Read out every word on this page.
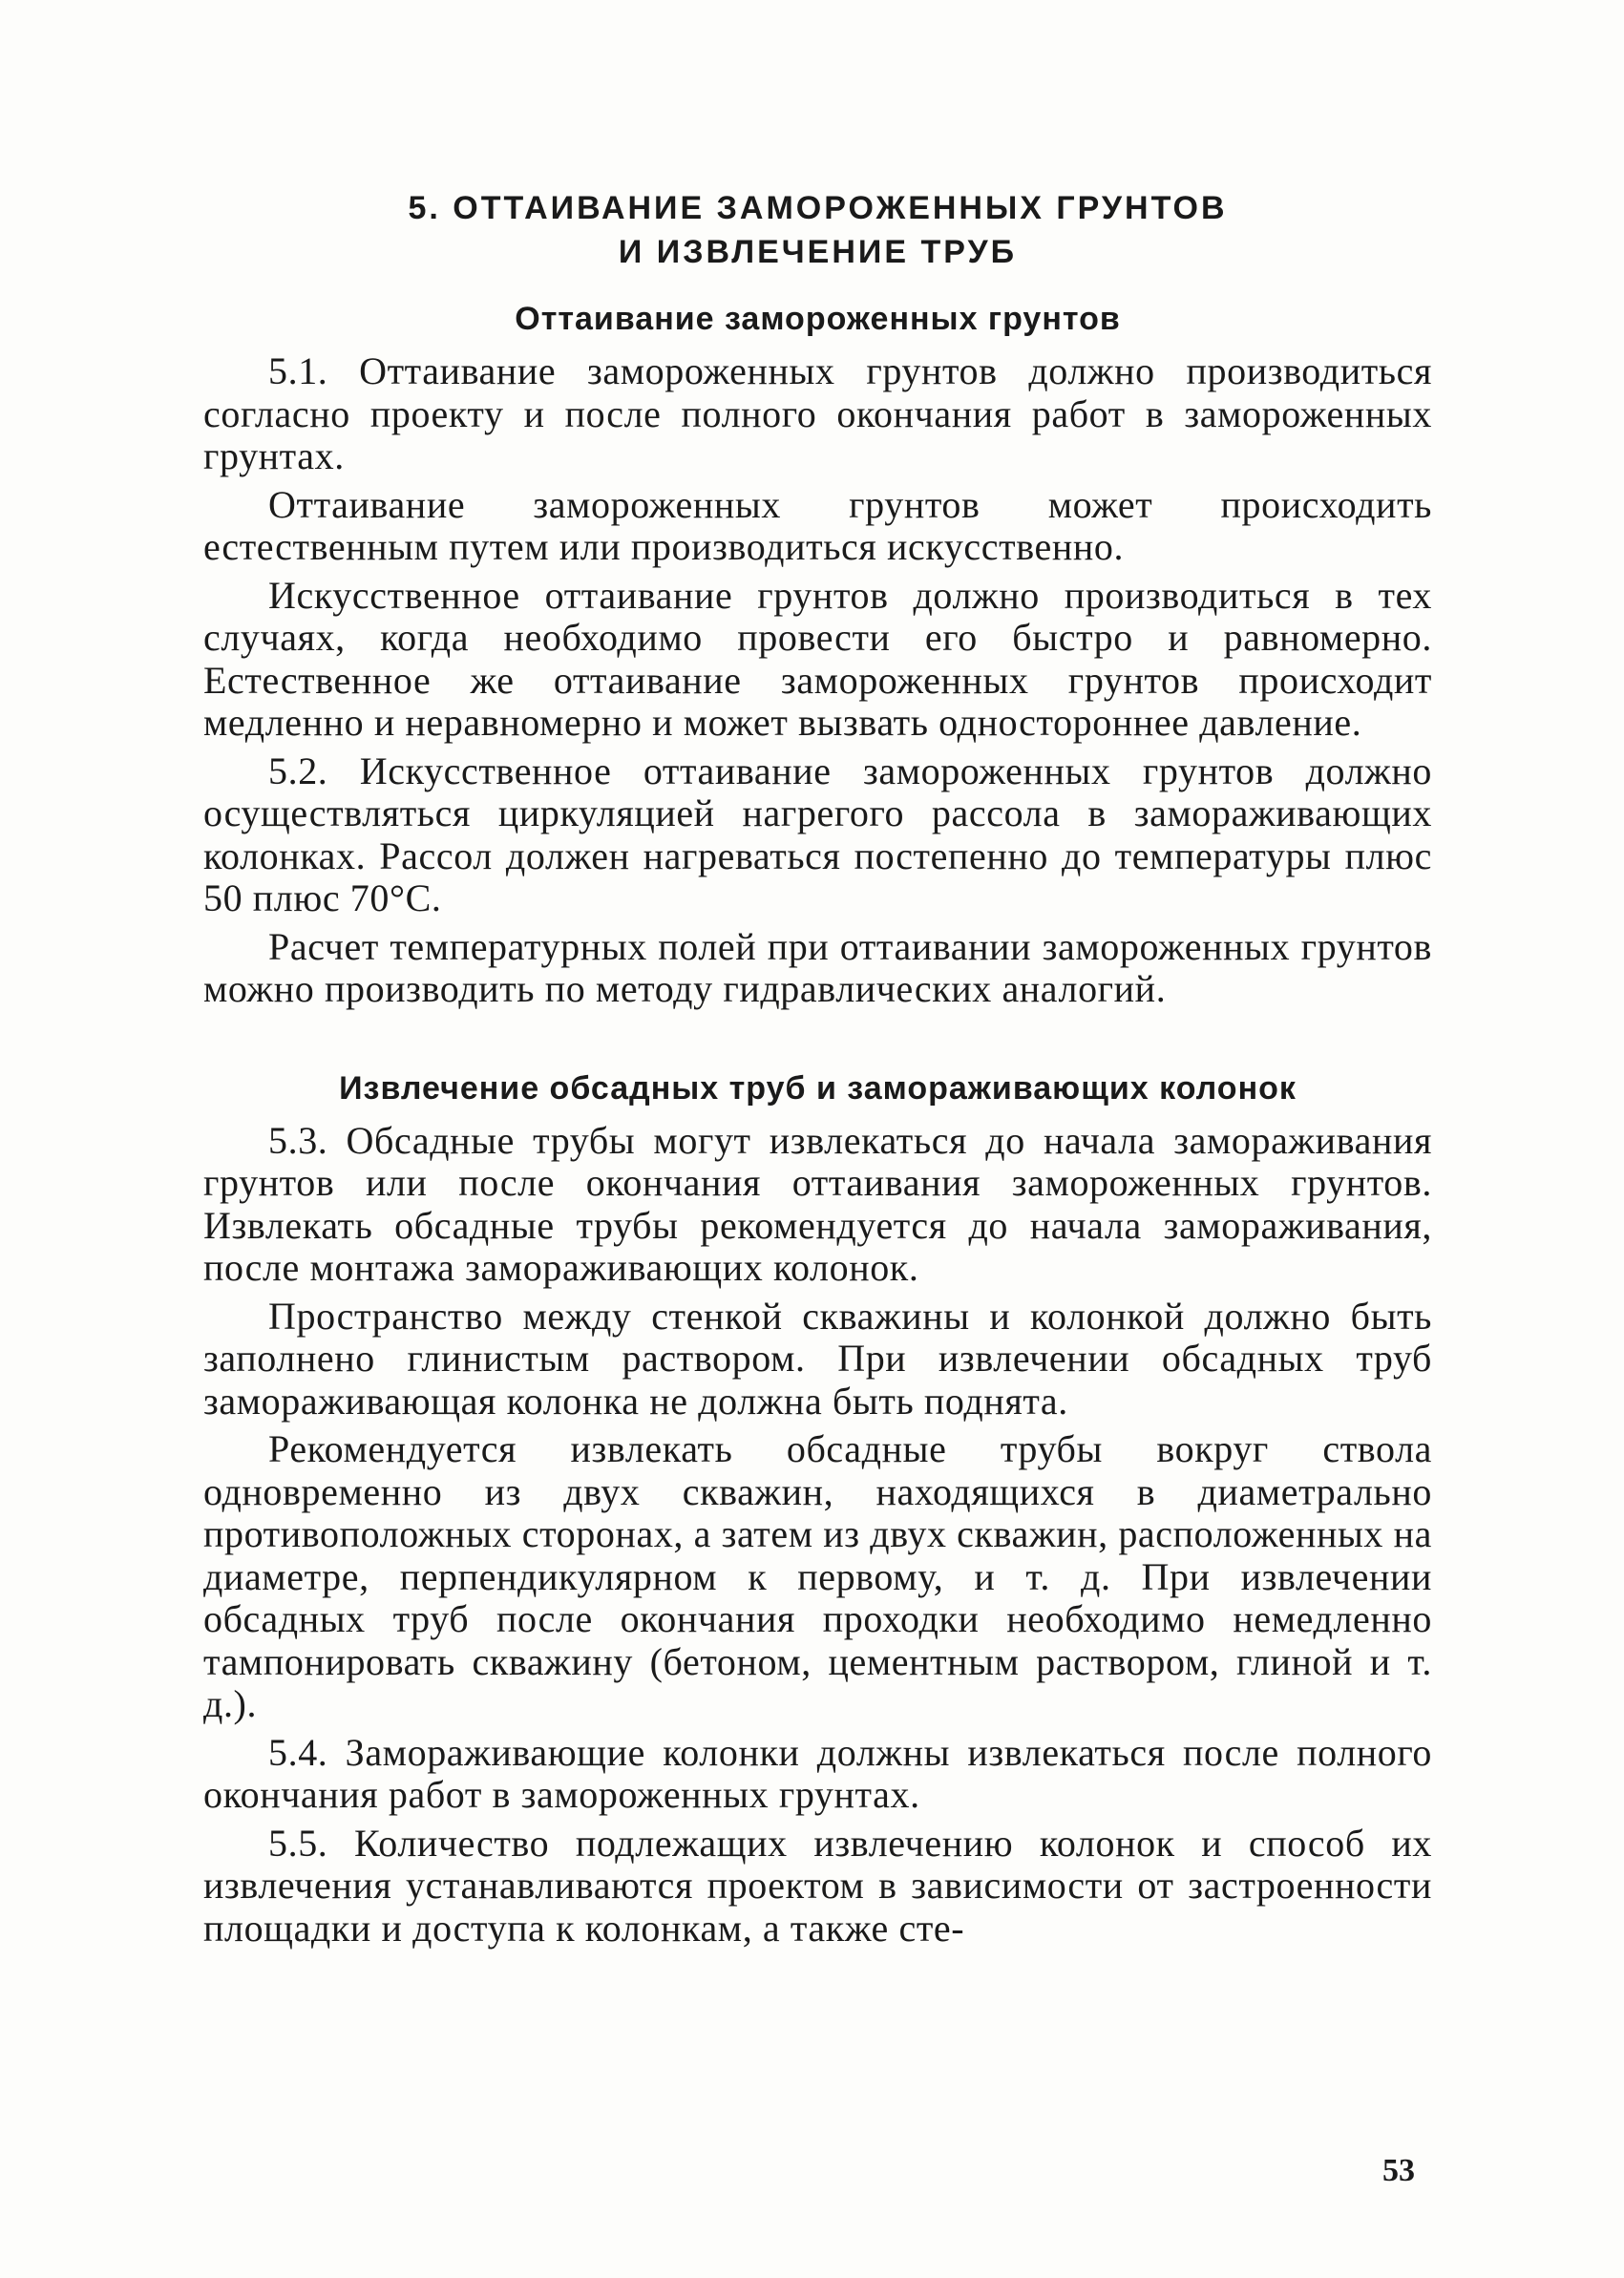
5. ОТТАИВАНИЕ ЗАМОРОЖЕННЫХ ГРУНТОВ
И ИЗВЛЕЧЕНИЕ ТРУБ
Оттаивание замороженных грунтов

5.1. Оттаивание замороженных грунтов должно производиться согласно проекту и после полного окончания работ в замороженных грунтах.

Оттаивание замороженных грунтов может происходить естественным путем или производиться искусственно.

Искусственное оттаивание грунтов должно производиться в тех случаях, когда необходимо провести его быстро и равномерно. Естественное же оттаивание замороженных грунтов происходит медленно и неравномерно и может вызвать одностороннее давление.

5.2. Искусственное оттаивание замороженных грунтов должно осуществляться циркуляцией нагрегого рассола в замораживающих колонках. Рассол должен нагреваться постепенно до температуры плюс 50 плюс 70°С.

Расчет температурных полей при оттаивании замороженных грунтов можно производить по методу гидравлических аналогий.

Извлечение обсадных труб и замораживающих колонок

5.3. Обсадные трубы могут извлекаться до начала замораживания грунтов или после окончания оттаивания замороженных грунтов. Извлекать обсадные трубы рекомендуется до начала замораживания, после монтажа замораживающих колонок.

Пространство между стенкой скважины и колонкой должно быть заполнено глинистым раствором. При извлечении обсадных труб замораживающая колонка не должна быть поднята.

Рекомендуется извлекать обсадные трубы вокруг ствола одновременно из двух скважин, находящихся в диаметрально противоположных сторонах, а затем из двух скважин, расположенных на диаметре, перпендикулярном к первому, и т. д. При извлечении обсадных труб после окончания проходки необходимо немедленно тампонировать скважину (бетоном, цементным раствором, глиной и т. д.).

5.4. Замораживающие колонки должны извлекаться после полного окончания работ в замороженных грунтах.

5.5. Количество подлежащих извлечению колонок и способ их извлечения устанавливаются проектом в зависимости от застроенности площадки и доступа к колонкам, а также сте-

53
